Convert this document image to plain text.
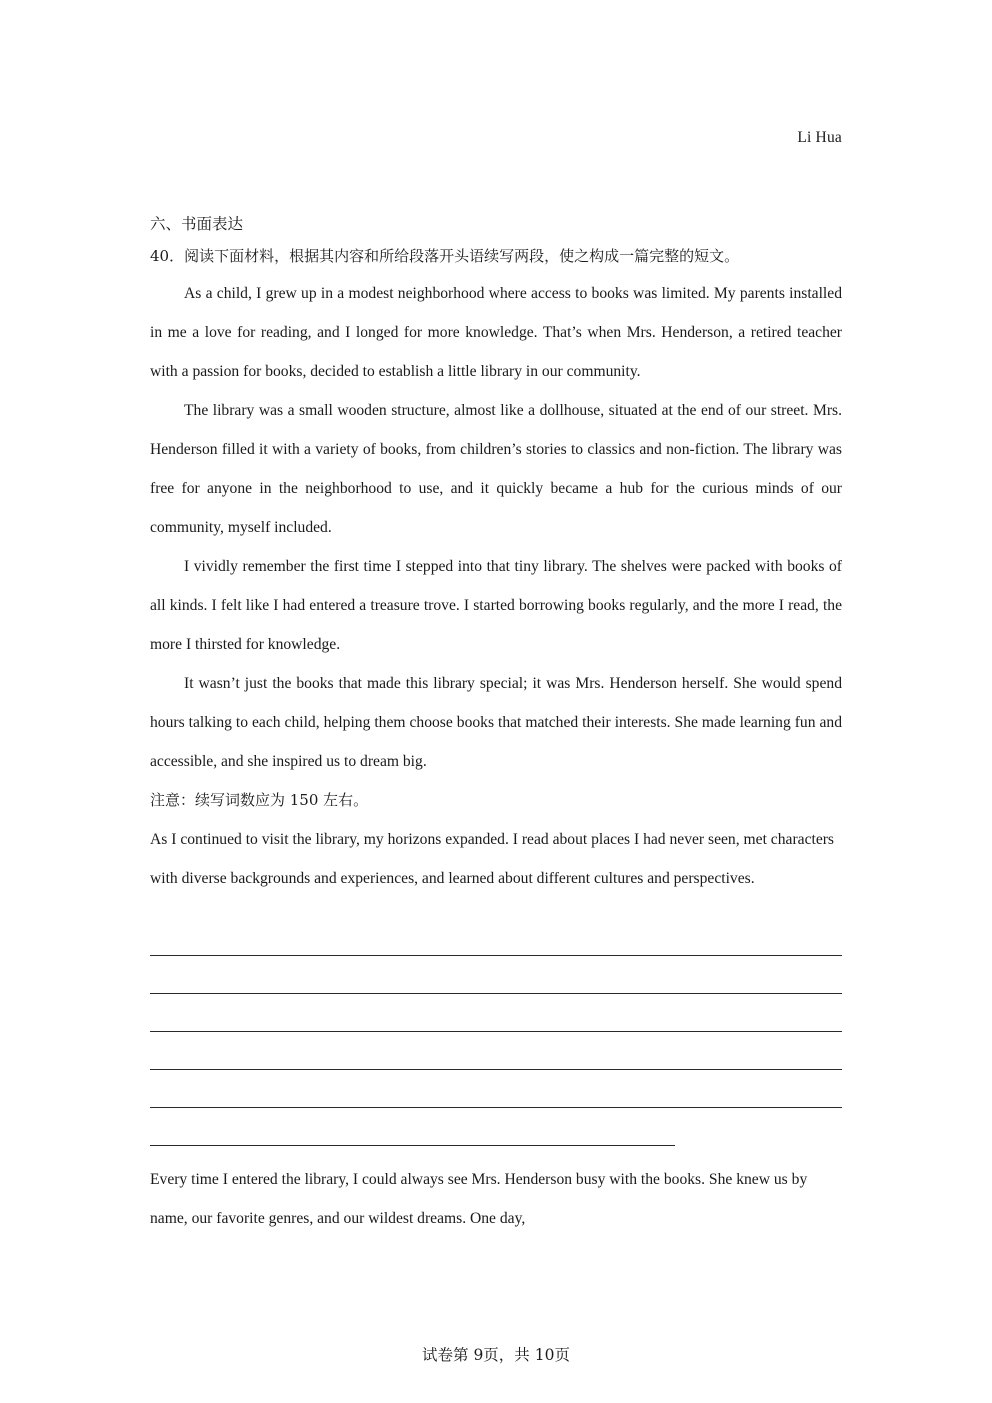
Li Hua
六、书面表达
40．阅读下面材料，根据其内容和所给段落开头语续写两段，使之构成一篇完整的短文。

As a child, I grew up in a modest neighborhood where access to books was limited. My parents installed in me a love for reading, and I longed for more knowledge. That’s when Mrs. Henderson, a retired teacher with a passion for books, decided to establish a little library in our community.

The library was a small wooden structure, almost like a dollhouse, situated at the end of our street. Mrs. Henderson filled it with a variety of books, from children’s stories to classics and non-fiction. The library was free for anyone in the neighborhood to use, and it quickly became a hub for the curious minds of our community, myself included.

I vividly remember the first time I stepped into that tiny library. The shelves were packed with books of all kinds. I felt like I had entered a treasure trove. I started borrowing books regularly, and the more I read, the more I thirsted for knowledge.

It wasn’t just the books that made this library special; it was Mrs. Henderson herself. She would spend hours talking to each child, helping them choose books that matched their interests. She made learning fun and accessible, and she inspired us to dream big.

注意：续写词数应为 150 左右。

As I continued to visit the library, my horizons expanded. I read about places I had never seen, met characters with diverse backgrounds and experiences, and learned about different cultures and perspectives.

Every time I entered the library, I could always see Mrs. Henderson busy with the books. She knew us by name, our favorite genres, and our wildest dreams. One day,

试卷第 9页，共 10页
